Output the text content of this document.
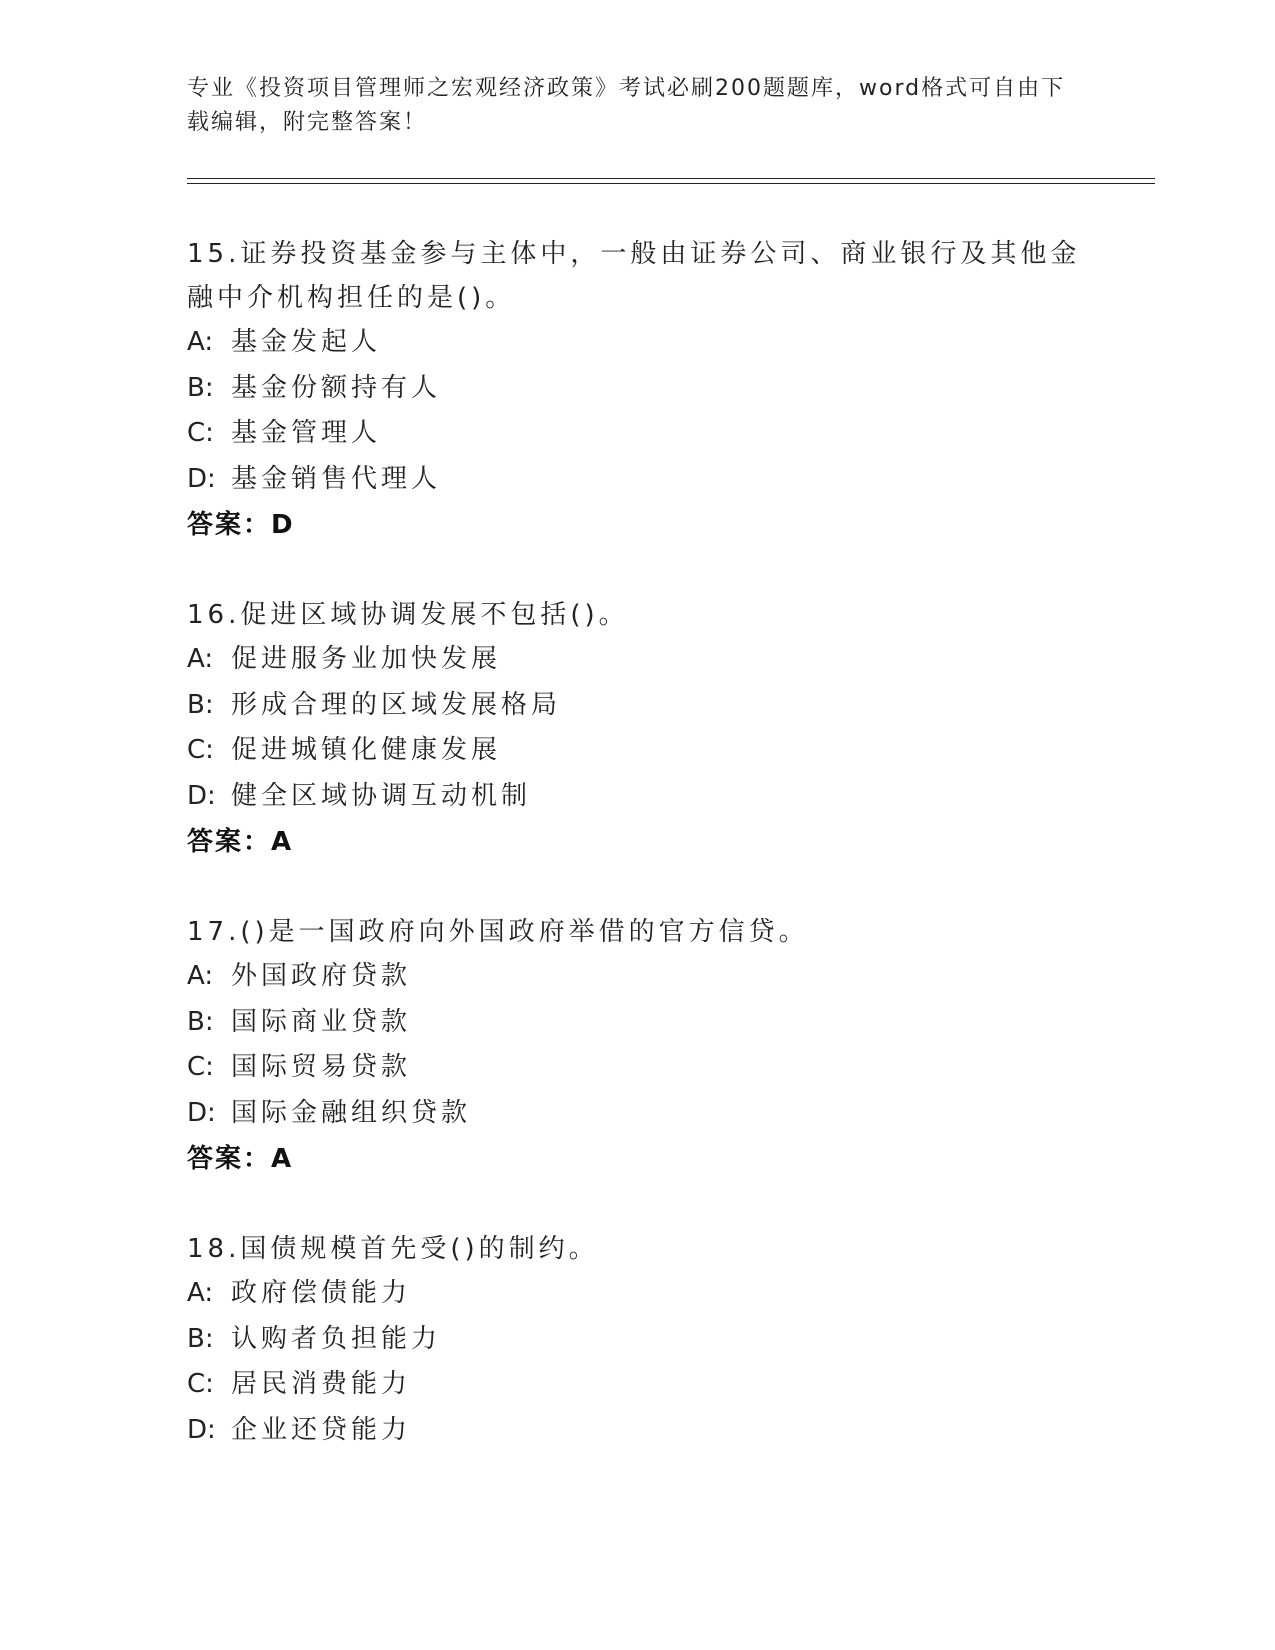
专业《投资项目管理师之宏观经济政策》考试必刷200题题库，word格式可自由下载编辑，附完整答案！

15.证券投资基金参与主体中，一般由证券公司、商业银行及其他金融中介机构担任的是()。

A: 基金发起人

B: 基金份额持有人

C: 基金管理人

D: 基金销售代理人

答案：D

16.促进区域协调发展不包括()。

A: 促进服务业加快发展

B: 形成合理的区域发展格局

C: 促进城镇化健康发展

D: 健全区域协调互动机制

答案：A

17.()是一国政府向外国政府举借的官方信贷。

A: 外国政府贷款

B: 国际商业贷款

C: 国际贸易贷款

D: 国际金融组织贷款

答案：A

18.国债规模首先受()的制约。

A: 政府偿债能力

B: 认购者负担能力

C: 居民消费能力

D: 企业还贷能力
